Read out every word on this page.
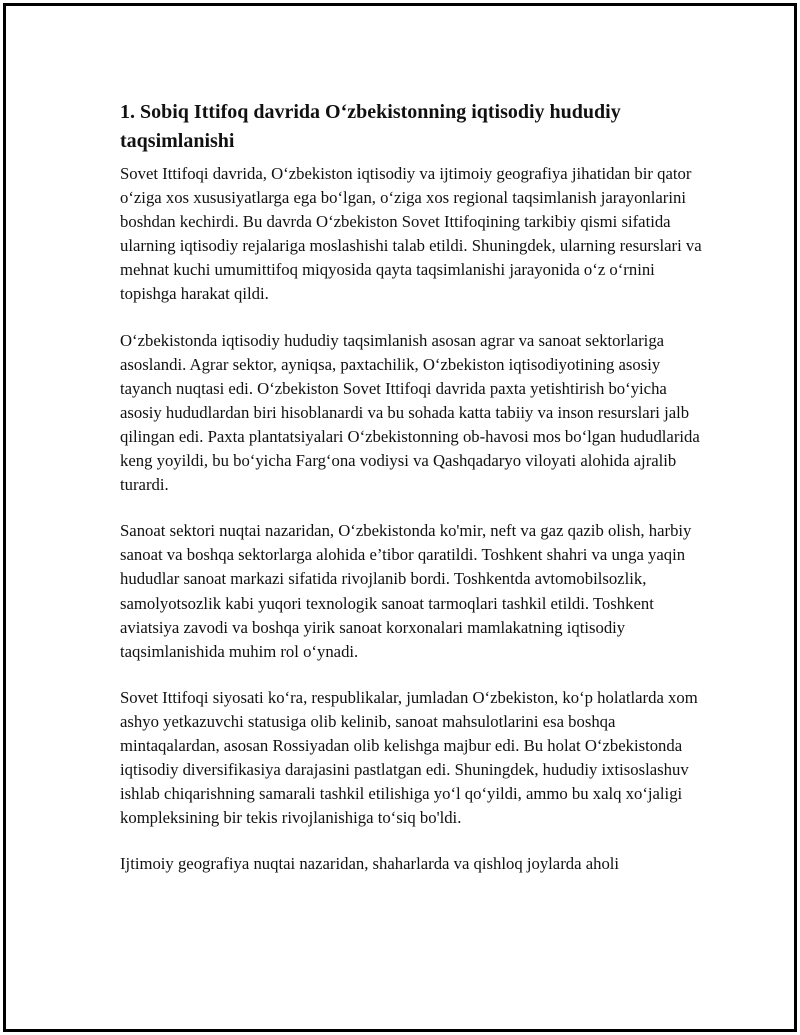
1. Sobiq Ittifoq davrida O‘zbekistonning iqtisodiy hududiy taqsimlanishi

Sovet Ittifoqi davrida, O‘zbekiston iqtisodiy va ijtimoiy geografiya jihatidan bir qator o‘ziga xos xususiyatlarga ega bo‘lgan, o‘ziga xos regional taqsimlanish jarayonlarini boshdan kechirdi. Bu davrda O‘zbekiston Sovet Ittifoqining tarkibiy qismi sifatida ularning iqtisodiy rejalariga moslashishi talab etildi. Shuningdek, ularning resurslari va mehnat kuchi umumittifoq miqyosida qayta taqsimlanishi jarayonida o‘z o‘rnini topishga harakat qildi.

O‘zbekistonda iqtisodiy hududiy taqsimlanish asosan agrar va sanoat sektorlariga asoslandi. Agrar sektor, ayniqsa, paxtachilik, O‘zbekiston iqtisodiyotining asosiy tayanch nuqtasi edi. O‘zbekiston Sovet Ittifoqi davrida paxta yetishtirish bo‘yicha asosiy hududlardan biri hisoblanardi va bu sohada katta tabiiy va inson resurslari jalb qilingan edi. Paxta plantatsiyalari O‘zbekistonning ob-havosi mos bo‘lgan hududlarida keng yoyildi, bu bo‘yicha Farg‘ona vodiysi va Qashqadaryo viloyati alohida ajralib turardi.

Sanoat sektori nuqtai nazaridan, O‘zbekistonda ko'mir, neft va gaz qazib olish, harbiy sanoat va boshqa sektorlarga alohida e’tibor qaratildi. Toshkent shahri va unga yaqin hududlar sanoat markazi sifatida rivojlanib bordi. Toshkentda avtomobilsozlik, samolyotsozlik kabi yuqori texnologik sanoat tarmoqlari tashkil etildi. Toshkent aviatsiya zavodi va boshqa yirik sanoat korxonalari mamlakatning iqtisodiy taqsimlanishida muhim rol o‘ynadi.

Sovet Ittifoqi siyosati ko‘ra, respublikalar, jumladan O‘zbekiston, ko‘p holatlarda xom ashyo yetkazuvchi statusiga olib kelinib, sanoat mahsulotlarini esa boshqa mintaqalardan, asosan Rossiyadan olib kelishga majbur edi. Bu holat O‘zbekistonda iqtisodiy diversifikasiya darajasini pastlatgan edi. Shuningdek, hududiy ixtisoslashuv ishlab chiqarishning samarali tashkil etilishiga yo‘l qo‘yildi, ammo bu xalq xo‘jaligi kompleksining bir tekis rivojlanishiga to‘siq bo'ldi.

Ijtimoiy geografiya nuqtai nazaridan, shaharlarda va qishloq joylarda aholi
